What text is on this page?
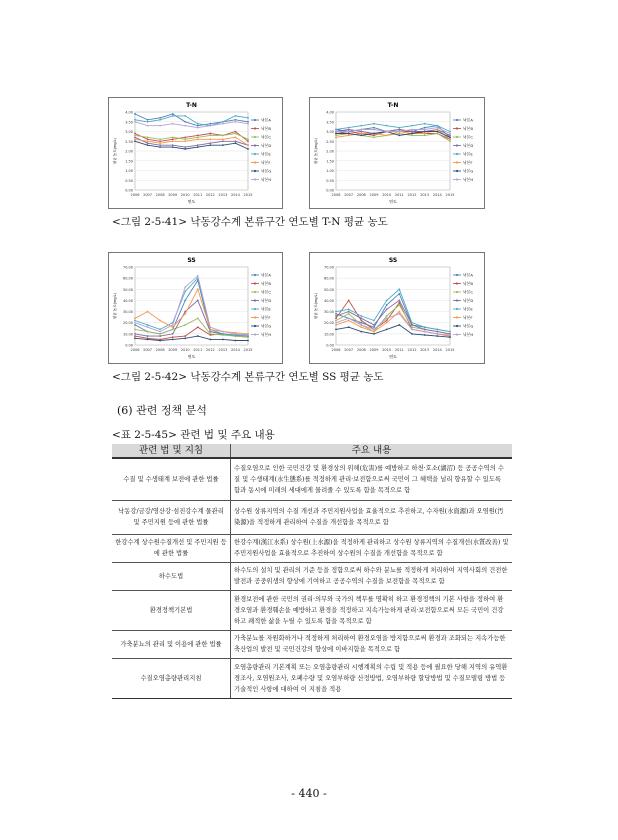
T-N
4.00
3.50
3.00
2.50
2.00
1.50
1.00
0.50
0.00
2006 2007 2008 2009 2010 2011 2012 2013 2014 2015
연도
평균 농도(mg/L)
낙본A
낙본B
낙본C
낙본D
낙본E
낙본F
낙본G
낙본H
T-N
4.00
3.50
3.00
2.50
2.00
1.50
1.00
0.50
0.00
2006 2007 2008 2009 2010 2011 2012 2013 2014 2015
연도
평균 농도(mg/L)
낙본A
낙본B
낙본C
낙본D
낙본E
낙본F
낙본G
낙본H
<그림 2-5-41> 낙동강수계 본류구간 연도별 T-N 평균 농도
SS
70.00
60.00
50.00
40.00
30.00
20.00
10.00
0.00
2006 2007 2008 2009 2010 2011 2012 2013 2014 2015
연도
평균 농도(mg/L)
낙본A
낙본B
낙본C
낙본D
낙본E
낙본F
낙본G
낙본H
SS
70.00
60.00
50.00
40.00
30.00
20.00
10.00
0.00
2006 2007 2008 2009 2010 2011 2012 2013 2014 2015
연도
평균 농도(mg/L)
낙본A
낙본B
낙본C
낙본D
낙본E
낙본F
낙본G
낙본H
<그림 2-5-42> 낙동강수계 본류구간 연도별 SS 평균 농도
(6) 관련 정책 분석
<표 2-5-45> 관련 법 및 주요 내용
관련 법 및 지침	주요 내용
수질 및 수생태계 보전에 관한 법률	수질오염으로 인한 국민건강 및 환경상의 위해(危害)를 예방하고 하천·호소(湖沼) 등 공공수역의 수질 및 수생태계(水生態系)를 적정하게 관리·보전함으로써 국민이 그 혜택을 널리 향유할 수 있도록 함과 동시에 미래의 세대에게 물려줄 수 있도록 함을 목적으로 함
낙동강/금강/영산강·섬진강수계 물관리 및 주민지원 등에 관한 법률	상수원 상류지역의 수질 개선과 주민지원사업을 효율적으로 추진하고, 수자원(水資源)과 오염원(汚染源)을 적정하게 관리하여 수질을 개선함을 목적으로 함
한강수계 상수원수질개선 및 주민지원 등에 관한 법률	한강수계(漢江水系) 상수원(上水源)을 적정하게 관리하고 상수원 상류지역의 수질개선(水質改善) 및 주민지원사업을 효율적으로 추진하여 상수원의 수질을 개선함을 목적으로 함
하수도법	하수도의 설치 및 관리의 기준 등을 정함으로써 하수와 분뇨를 적정하게 처리하여 지역사회의 건전한 발전과 공중위생의 향상에 기여하고 공공수역의 수질을 보전함을 목적으로 함
환경정책기본법	환경보전에 관한 국민의 권리·의무와 국가의 책무를 명확히 하고 환경정책의 기본 사항을 정하여 환경오염과 환경훼손을 예방하고 환경을 적정하고 지속가능하게 관리·보전함으로써 모든 국민이 건강하고 쾌적한 삶을 누릴 수 있도록 함을 목적으로 함
가축분뇨의 관리 및 이용에 관한 법률	가축분뇨를 자원화하거나 적정하게 처리하여 환경오염을 방지함으로써 환경과 조화되는 지속가능한 축산업의 발전 및 국민건강의 향상에 이바지함을 목적으로 함
수질오염총량관리지침	오염총량관리 기본계획 또는 오염총량관리 시행계획의 수립 및 적용 등에 필요한 당해 지역의 유역환경조사, 오염원조사, 오폐수량 및 오염부하량 산정방법, 오염부하량 할당방법 및 수질모델링 방법 등 기술적인 사항에 대하여 이 지침을 적용
- 440 -
